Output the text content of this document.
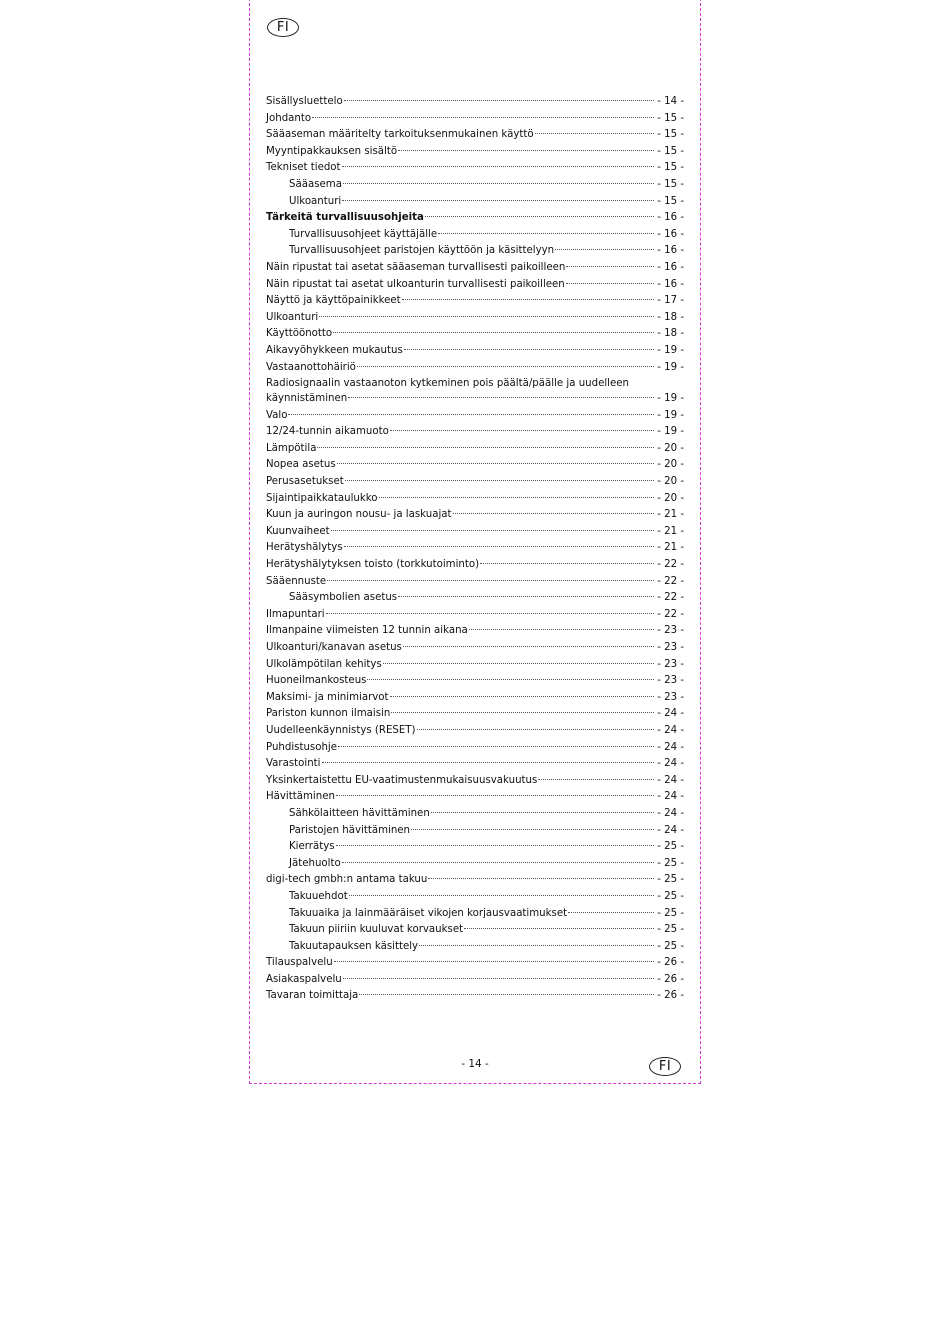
FI
Sisällysluettelo	- 14 -
Johdanto	- 15 -
Sääaseman määritelty tarkoituksenmukainen käyttö	- 15 -
Myyntipakkauksen sisältö	- 15 -
Tekniset tiedot	- 15 -
Sääasema	- 15 -
Ulkoanturi	- 15 -
Tärkeitä turvallisuusohjeita	- 16 -
Turvallisuusohjeet käyttäjälle	- 16 -
Turvallisuusohjeet paristojen käyttöön ja käsittelyyn	- 16 -
Näin ripustat tai asetat sääaseman turvallisesti paikoilleen	- 16 -
Näin ripustat tai asetat ulkoanturin turvallisesti paikoilleen	- 16 -
Näyttö ja käyttöpainikkeet	- 17 -
Ulkoanturi	- 18 -
Käyttöönotto	- 18 -
Aikavyöhykkeen mukautus	- 19 -
Vastaanottohäiriö	- 19 -
Radiosignaalin vastaanoton kytkeminen pois päältä/päälle ja uudelleen
käynnistäminen	- 19 -
Valo	- 19 -
12/24-tunnin aikamuoto	- 19 -
Lämpötila	- 20 -
Nopea asetus	- 20 -
Perusasetukset	- 20 -
Sijaintipaikkataulukko	- 20 -
Kuun ja auringon nousu- ja laskuajat	- 21 -
Kuunvaiheet	- 21 -
Herätyshälytys	- 21 -
Herätyshälytyksen toisto (torkkutoiminto)	- 22 -
Sääennuste	- 22 -
Sääsymbolien asetus	- 22 -
Ilmapuntari	- 22 -
Ilmanpaine viimeisten 12 tunnin aikana	- 23 -
Ulkoanturi/kanavan asetus	- 23 -
Ulkolämpötilan kehitys	- 23 -
Huoneilmankosteus	- 23 -
Maksimi- ja minimiarvot	- 23 -
Pariston kunnon ilmaisin	- 24 -
Uudelleenkäynnistys (RESET)	- 24 -
Puhdistusohje	- 24 -
Varastointi	- 24 -
Yksinkertaistettu EU-vaatimustenmukaisuusvakuutus	- 24 -
Hävittäminen	- 24 -
Sähkölaitteen hävittäminen	- 24 -
Paristojen hävittäminen	- 24 -
Kierrätys	- 25 -
Jätehuolto	- 25 -
digi-tech gmbh:n antama takuu	- 25 -
Takuuehdot	- 25 -
Takuuaika ja lainmääräiset vikojen korjausvaatimukset	- 25 -
Takuun piiriin kuuluvat korvaukset	- 25 -
Takuutapauksen käsittely	- 25 -
Tilauspalvelu	- 26 -
Asiakaspalvelu	- 26 -
Tavaran toimittaja	- 26 -
- 14 -	FI
